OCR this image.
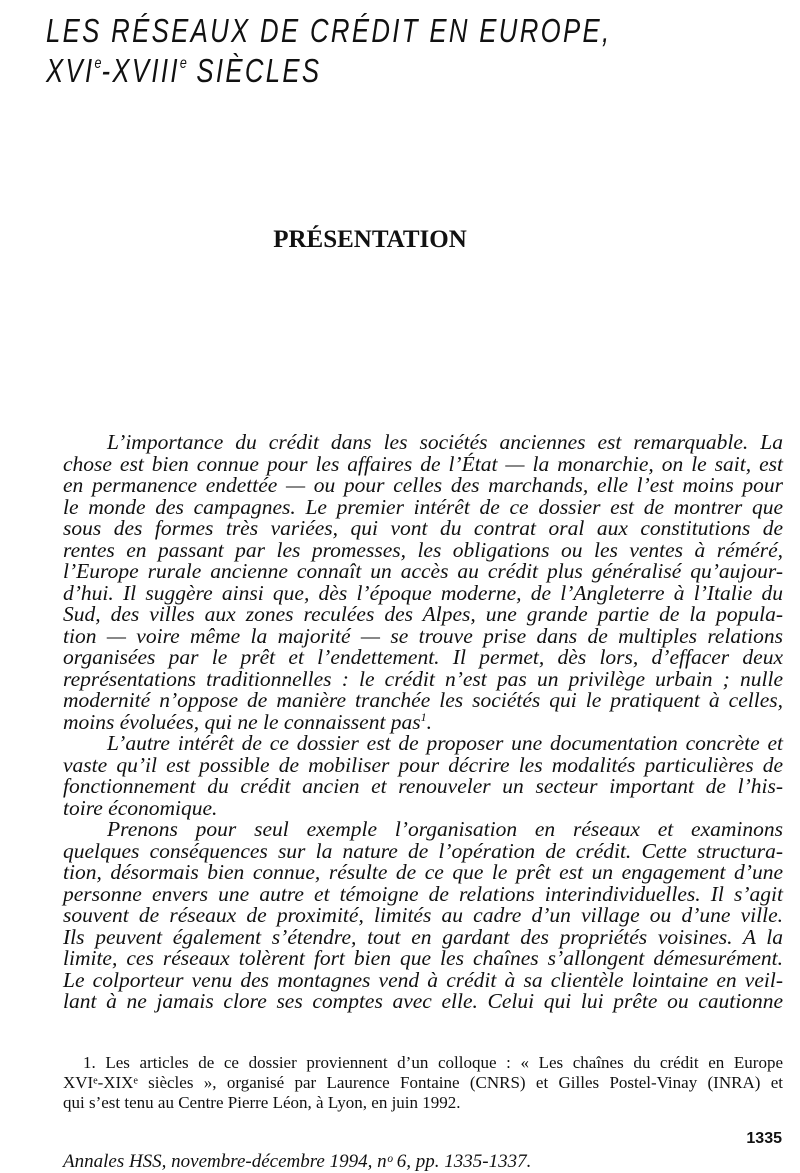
LES RÉSEAUX DE CRÉDIT EN EUROPE,
XVIe-XVIIIe SIÈCLES
PRÉSENTATION
L’importance du crédit dans les sociétés anciennes est remarquable. La
chose est bien connue pour les affaires de l’État — la monarchie, on le sait, est
en permanence endettée — ou pour celles des marchands, elle l’est moins pour
le monde des campagnes. Le premier intérêt de ce dossier est de montrer que
sous des formes très variées, qui vont du contrat oral aux constitutions de
rentes en passant par les promesses, les obligations ou les ventes à réméré,
l’Europe rurale ancienne connaît un accès au crédit plus généralisé qu’aujour-
d’hui. Il suggère ainsi que, dès l’époque moderne, de l’Angleterre à l’Italie du
Sud, des villes aux zones reculées des Alpes, une grande partie de la popula-
tion — voire même la majorité — se trouve prise dans de multiples relations
organisées par le prêt et l’endettement. Il permet, dès lors, d’effacer deux
représentations traditionnelles : le crédit n’est pas un privilège urbain ; nulle
modernité n’oppose de manière tranchée les sociétés qui le pratiquent à celles,
moins évoluées, qui ne le connaissent pas$^1$.
L’autre intérêt de ce dossier est de proposer une documentation concrète et
vaste qu’il est possible de mobiliser pour décrire les modalités particulières de
fonctionnement du crédit ancien et renouveler un secteur important de l’his-
toire économique.
Prenons pour seul exemple l’organisation en réseaux et examinons
quelques conséquences sur la nature de l’opération de crédit. Cette structura-
tion, désormais bien connue, résulte de ce que le prêt est un engagement d’une
personne envers une autre et témoigne de relations interindividuelles. Il s’agit
souvent de réseaux de proximité, limités au cadre d’un village ou d’une ville.
Ils peuvent également s’étendre, tout en gardant des propriétés voisines. A la
limite, ces réseaux tolèrent fort bien que les chaînes s’allongent démesurément.
Le colporteur venu des montagnes vend à crédit à sa clientèle lointaine en veil-
lant à ne jamais clore ses comptes avec elle. Celui qui lui prête ou cautionne
1. Les articles de ce dossier proviennent d’un colloque : « Les chaînes du crédit en Europe
XVIᵉ-XIXᵉ siècles », organisé par Laurence Fontaine (CNRS) et Gilles Postel-Vinay (INRA) et
qui s’est tenu au Centre Pierre Léon, à Lyon, en juin 1992.
1335
Annales HSS, novembre-décembre 1994, nᵒ 6, pp. 1335-1337.
